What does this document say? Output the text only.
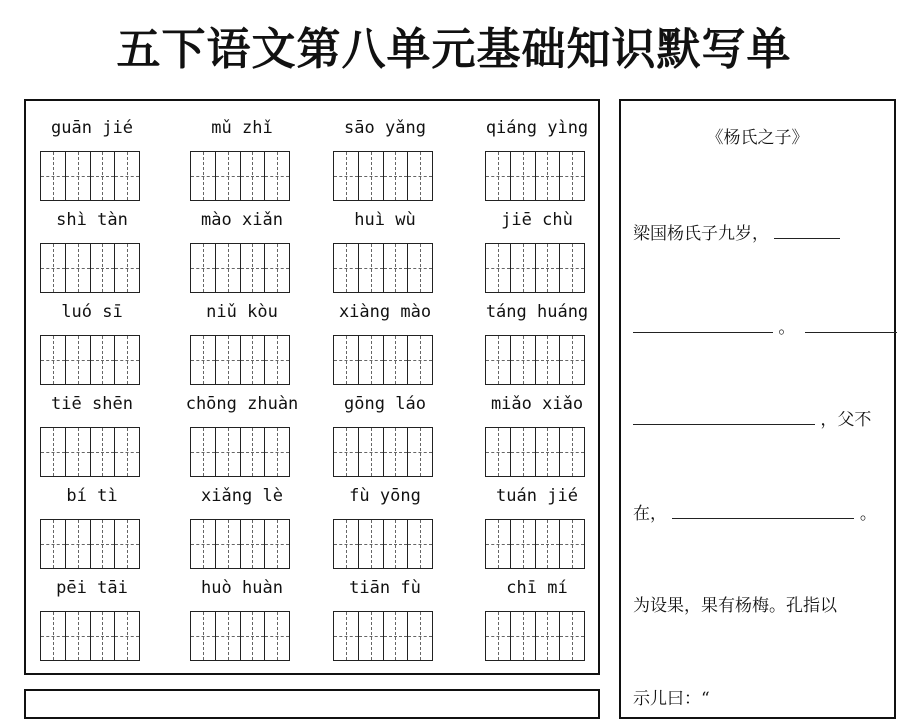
五下语文第八单元基础知识默写单
guān jié	mǔ zhǐ	sāo yǎng	qiáng yìng
shì tàn	mào xiǎn	huì wù	jiē chù
luó sī	niǔ kòu	xiàng mào	táng huáng
tiē shēn	chōng zhuàn	gōng láo	miǎo xiǎo
bí tì	xiǎng lè	fù yōng	tuán jié
pēi tāi	huò huàn	tiān fù	chī mí
《杨氏之子》
梁国杨氏子九岁，
。
，父不
在，	。
为设果，果有杨梅。孔指以
示儿曰：“
